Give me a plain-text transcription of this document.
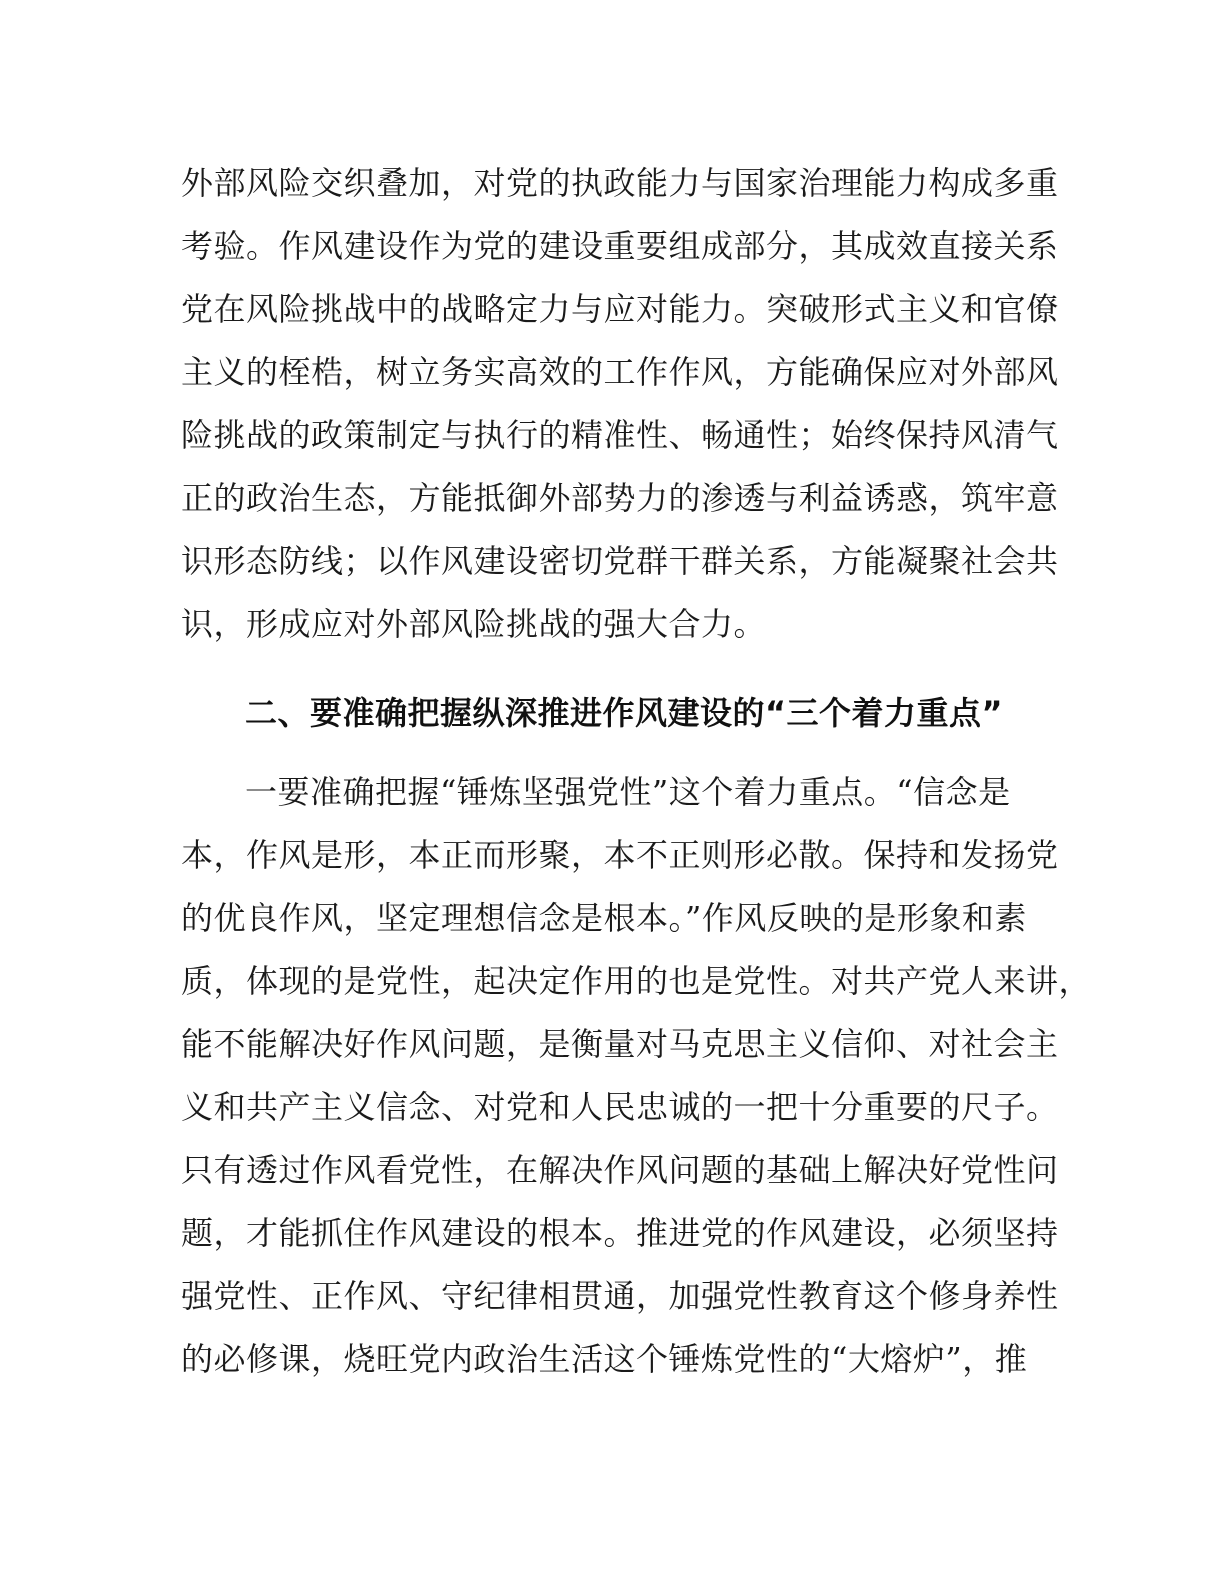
外部风险交织叠加，对党的执政能力与国家治理能力构成多重

考验。作风建设作为党的建设重要组成部分，其成效直接关系

党在风险挑战中的战略定力与应对能力。突破形式主义和官僚

主义的桎梏，树立务实高效的工作作风，方能确保应对外部风

险挑战的政策制定与执行的精准性、畅通性；始终保持风清气

正的政治生态，方能抵御外部势力的渗透与利益诱惑，筑牢意

识形态防线；以作风建设密切党群干群关系，方能凝聚社会共

识，形成应对外部风险挑战的强大合力。

二、要准确把握纵深推进作风建设的“三个着力重点”

一要准确把握“锤炼坚强党性”这个着力重点。“信念是

本，作风是形，本正而形聚，本不正则形必散。保持和发扬党

的优良作风，坚定理想信念是根本。”作风反映的是形象和素

质，体现的是党性，起决定作用的也是党性。对共产党人来讲，

能不能解决好作风问题，是衡量对马克思主义信仰、对社会主

义和共产主义信念、对党和人民忠诚的一把十分重要的尺子。

只有透过作风看党性，在解决作风问题的基础上解决好党性问

题，才能抓住作风建设的根本。推进党的作风建设，必须坚持

强党性、正作风、守纪律相贯通，加强党性教育这个修身养性

的必修课，烧旺党内政治生活这个锤炼党性的“大熔炉”，推
